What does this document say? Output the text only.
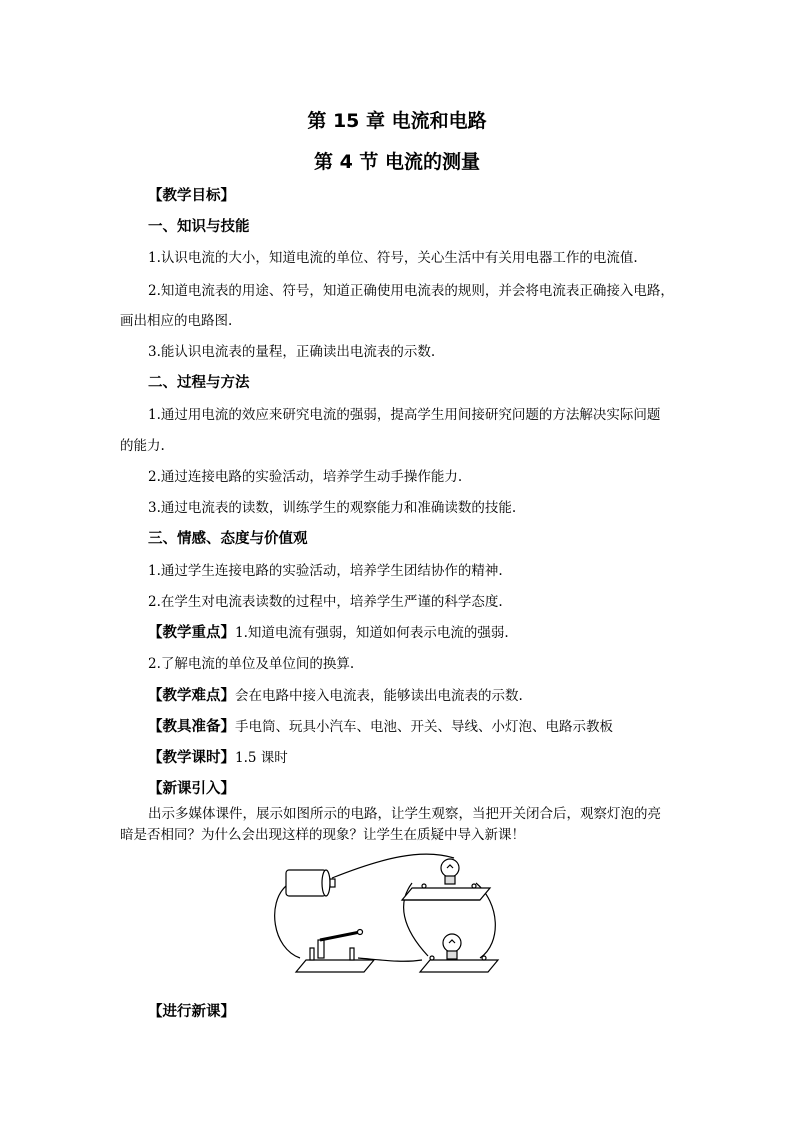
第 15 章 电流和电路
第 4 节 电流的测量
【教学目标】
一、知识与技能
1.认识电流的大小，知道电流的单位、符号，关心生活中有关用电器工作的电流值.
2.知道电流表的用途、符号，知道正确使用电流表的规则，并会将电流表正确接入电路，
画出相应的电路图.
3.能认识电流表的量程，正确读出电流表的示数.
二、过程与方法
1.通过用电流的效应来研究电流的强弱，提高学生用间接研究问题的方法解决实际问题
的能力.
2.通过连接电路的实验活动，培养学生动手操作能力.
3.通过电流表的读数，训练学生的观察能力和准确读数的技能.
三、情感、态度与价值观
1.通过学生连接电路的实验活动，培养学生团结协作的精神.
2.在学生对电流表读数的过程中，培养学生严谨的科学态度.
【教学重点】1.知道电流有强弱，知道如何表示电流的强弱.
2.了解电流的单位及单位间的换算.
【教学难点】会在电路中接入电流表，能够读出电流表的示数.
【教具准备】手电筒、玩具小汽车、电池、开关、导线、小灯泡、电路示教板
【教学课时】1.5 课时
【新课引入】
出示多媒体课件，展示如图所示的电路，让学生观察，当把开关闭合后，观察灯泡的亮
暗是否相同？为什么会出现这样的现象？让学生在质疑中导入新课！
【进行新课】
